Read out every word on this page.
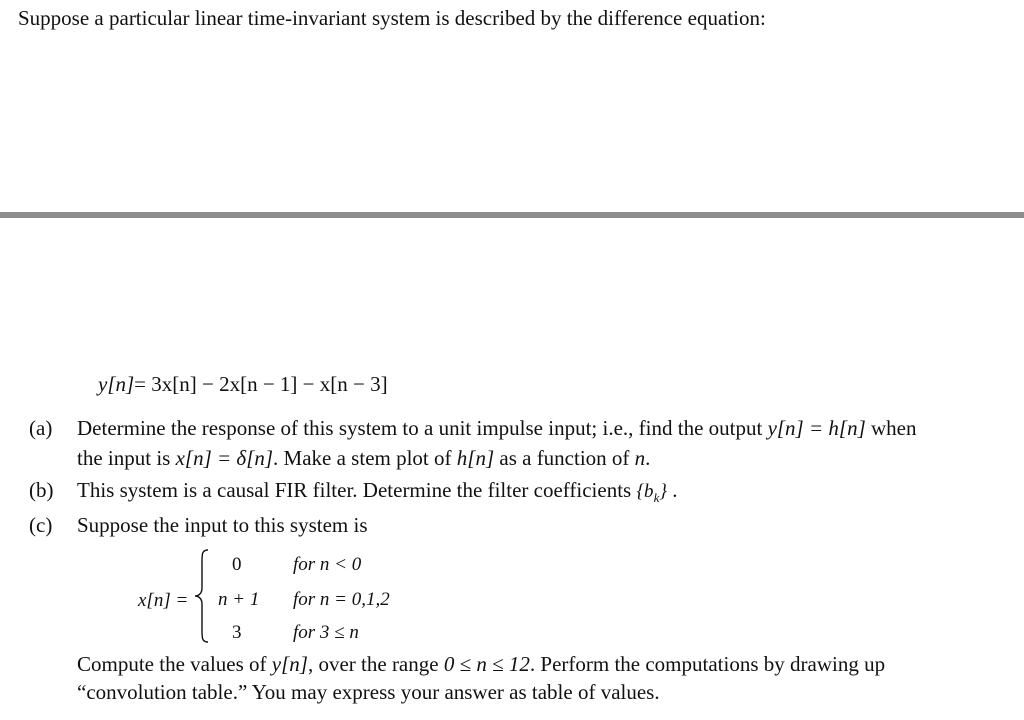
Suppose a particular linear time-invariant system is described by the difference equation:
y[n]= 3x[n] − 2x[n − 1] − x[n − 3]
(a) Determine the response of this system to a unit impulse input; i.e., find the output y[n] = h[n] when
the input is x[n] = δ[n]. Make a stem plot of h[n] as a function of n.
(b) This system is a causal FIR filter. Determine the filter coefficients $\{b_k\}$ .
(c) Suppose the input to this system is
x[n] =
0	for n < 0
n + 1 for n = 0,1,2
3	for 3 ≤ n
Compute the values of y[n], over the range 0 ≤ n ≤ 12. Perform the computations by drawing up
“convolution table.” You may express your answer as table of values.
